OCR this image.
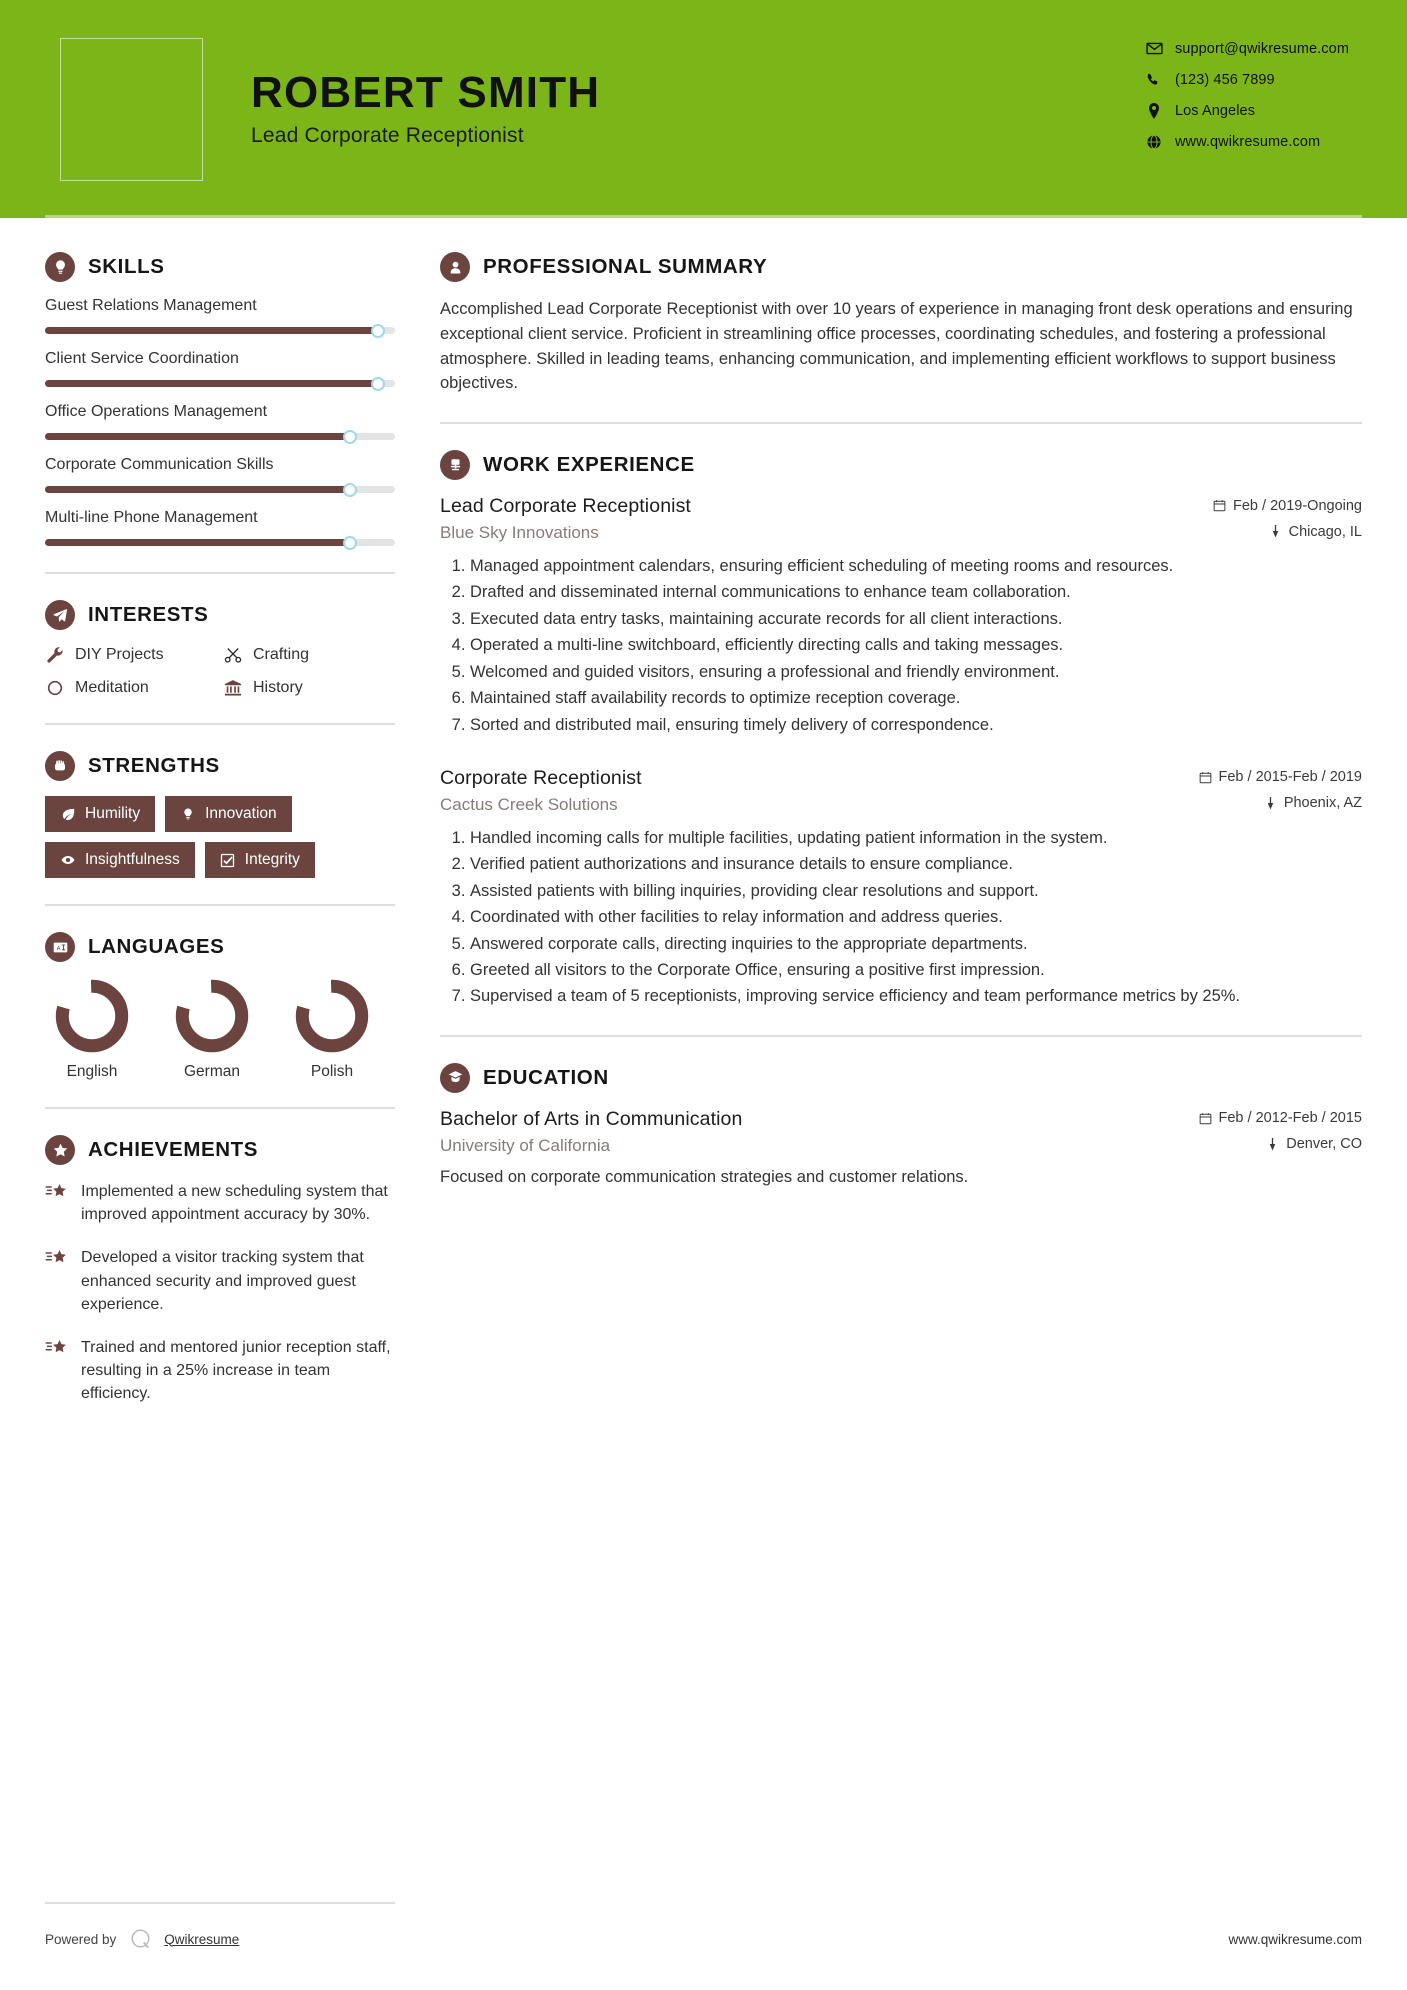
ROBERT SMITH
Lead Corporate Receptionist
support@qwikresume.com
(123) 456 7899
Los Angeles
www.qwikresume.com
SKILLS
Guest Relations Management
Client Service Coordination
Office Operations Management
Corporate Communication Skills
Multi-line Phone Management
INTERESTS
DIY Projects	Crafting
Meditation	History
STRENGTHS
Humility	Innovation
Insightfulness	Integrity
A LANGUAGES
English	German	Polish
ACHIEVEMENTS
Implemented a new scheduling system that improved appointment accuracy by 30%.
Developed a visitor tracking system that enhanced security and improved guest experience.
Trained and mentored junior reception staff, resulting in a 25% increase in team efficiency.
PROFESSIONAL SUMMARY
Accomplished Lead Corporate Receptionist with over 10 years of experience in managing front desk operations and ensuring exceptional client service. Proficient in streamlining office processes, coordinating schedules, and fostering a professional atmosphere. Skilled in leading teams, enhancing communication, and implementing efficient workflows to support business objectives.
WORK EXPERIENCE
Lead Corporate Receptionist	Feb / 2019-Ongoing
Blue Sky Innovations	Chicago, IL
1. Managed appointment calendars, ensuring efficient scheduling of meeting rooms and resources.
2. Drafted and disseminated internal communications to enhance team collaboration.
3. Executed data entry tasks, maintaining accurate records for all client interactions.
4. Operated a multi-line switchboard, efficiently directing calls and taking messages.
5. Welcomed and guided visitors, ensuring a professional and friendly environment.
6. Maintained staff availability records to optimize reception coverage.
7. Sorted and distributed mail, ensuring timely delivery of correspondence.
Corporate Receptionist	Feb / 2015-Feb / 2019
Cactus Creek Solutions	Phoenix, AZ
1. Handled incoming calls for multiple facilities, updating patient information in the system.
2. Verified patient authorizations and insurance details to ensure compliance.
3. Assisted patients with billing inquiries, providing clear resolutions and support.
4. Coordinated with other facilities to relay information and address queries.
5. Answered corporate calls, directing inquiries to the appropriate departments.
6. Greeted all visitors to the Corporate Office, ensuring a positive first impression.
7. Supervised a team of 5 receptionists, improving service efficiency and team performance metrics by 25%.
EDUCATION
Bachelor of Arts in Communication	Feb / 2012-Feb / 2015
University of California	Denver, CO
Focused on corporate communication strategies and customer relations.
Powered by	Qwikresume	www.qwikresume.com
